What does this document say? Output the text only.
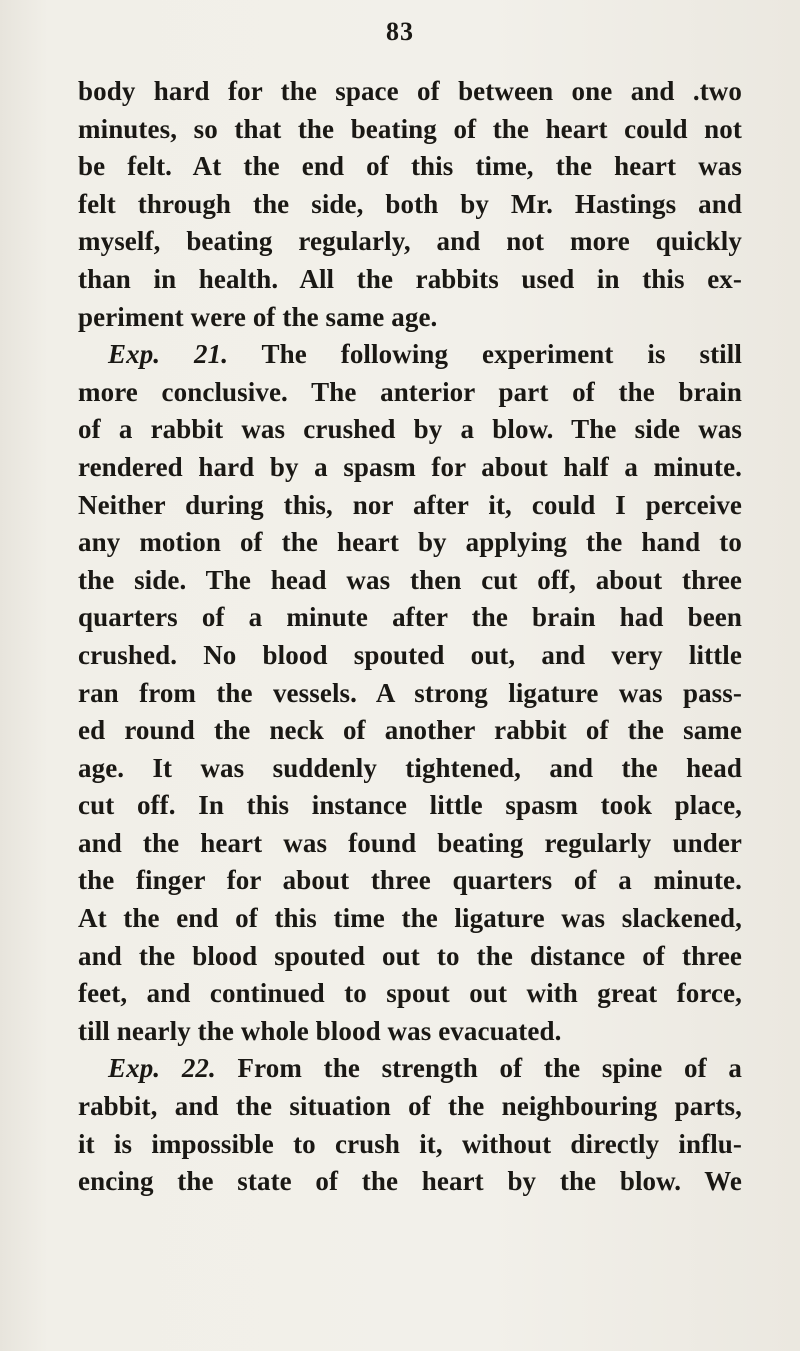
83
body hard for the space of between one and .two
minutes, so that the beating of the heart could not
be felt. At the end of this time, the heart was
felt through the side, both by Mr. Hastings and
myself, beating regularly, and not more quickly
than in health. All the rabbits used in this ex-
periment were of the same age.
Exp. 21. The following experiment is still
more conclusive. The anterior part of the brain
of a rabbit was crushed by a blow. The side was
rendered hard by a spasm for about half a minute.
Neither during this, nor after it, could I perceive
any motion of the heart by applying the hand to
the side. The head was then cut off, about three
quarters of a minute after the brain had been
crushed. No blood spouted out, and very little
ran from the vessels. A strong ligature was pass-
ed round the neck of another rabbit of the same
age. It was suddenly tightened, and the head
cut off. In this instance little spasm took place,
and the heart was found beating regularly under
the finger for about three quarters of a minute.
At the end of this time the ligature was slackened,
and the blood spouted out to the distance of three
feet, and continued to spout out with great force,
till nearly the whole blood was evacuated.
Exp. 22. From the strength of the spine of a
rabbit, and the situation of the neighbouring parts,
it is impossible to crush it, without directly influ-
encing the state of the heart by the blow. We
